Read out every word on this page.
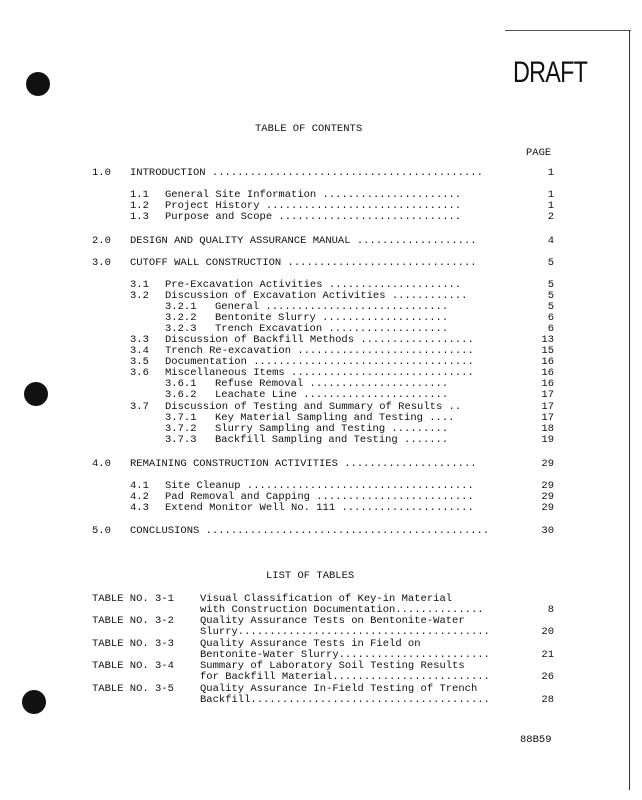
DRAFT
TABLE OF CONTENTS
PAGE
1.0 INTRODUCTION ...........................................	1
1.1 General Site Information ......................	1
1.2 Project History ...............................	1
1.3 Purpose and Scope .............................	2
2.0 DESIGN AND QUALITY ASSURANCE MANUAL ...................	4
3.0 CUTOFF WALL CONSTRUCTION ..............................	5
3.1 Pre-Excavation Activities .....................	5
3.2 Discussion of Excavation Activities ............	5
3.2.1 General .............................	5
3.2.2 Bentonite Slurry ....................	6
3.2.3 Trench Excavation ...................	6
3.3 Discussion of Backfill Methods ..................	13
3.4 Trench Re-excavation ............................	15
3.5 Documentation ...................................	16
3.6 Miscellaneous Items .............................	16
3.6.1 Refuse Removal ......................	16
3.6.2 Leachate Line .......................	17
3.7 Discussion of Testing and Summary of Results ..	17
3.7.1 Key Material Sampling and Testing ....	17
3.7.2 Slurry Sampling and Testing .........	18
3.7.3 Backfill Sampling and Testing .......	19
4.0 REMAINING CONSTRUCTION ACTIVITIES .....................	29
4.1 Site Cleanup ....................................	29
4.2 Pad Removal and Capping .........................	29
4.3 Extend Monitor Well No. 111 .....................	29
5.0 CONCLUSIONS .............................................	30
LIST OF TABLES
TABLE NO. 3-1 Visual Classification of Key-in Material
with Construction Documentation..............	8
TABLE NO. 3-2 Quality Assurance Tests on Bentonite-Water
Slurry........................................	20
TABLE NO. 3-3 Quality Assurance Tests in Field on
Bentonite-Water Slurry........................	21
TABLE NO. 3-4 Summary of Laboratory Soil Testing Results
for Backfill Material.........................	26
TABLE NO. 3-5 Quality Assurance In-Field Testing of Trench
Backfill......................................	28
88B59
